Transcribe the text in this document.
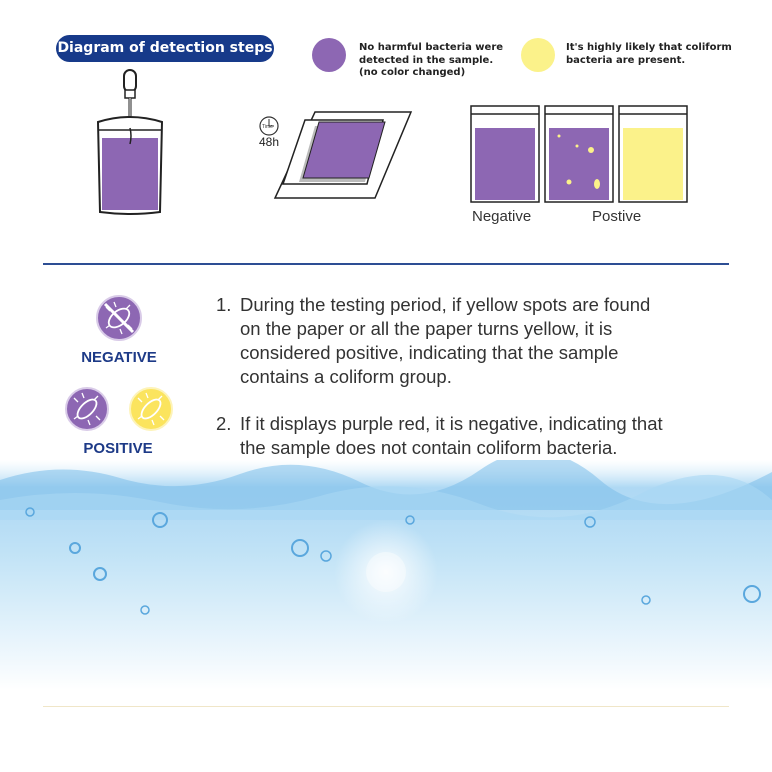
Diagram of detection steps	No harmful bacteria were
detected in the sample.
(no color changed)
It's highly likely that coliform
bacteria are present.
Time
48h
Negative	Postive
NEGATIVE
POSITIVE
1. During the testing period, if yellow spots are found
on the paper or all the paper turns yellow, it is
considered positive, indicating that the sample
contains a coliform group.
2. If it displays purple red, it is negative, indicating that
the sample does not contain coliform bacteria.
